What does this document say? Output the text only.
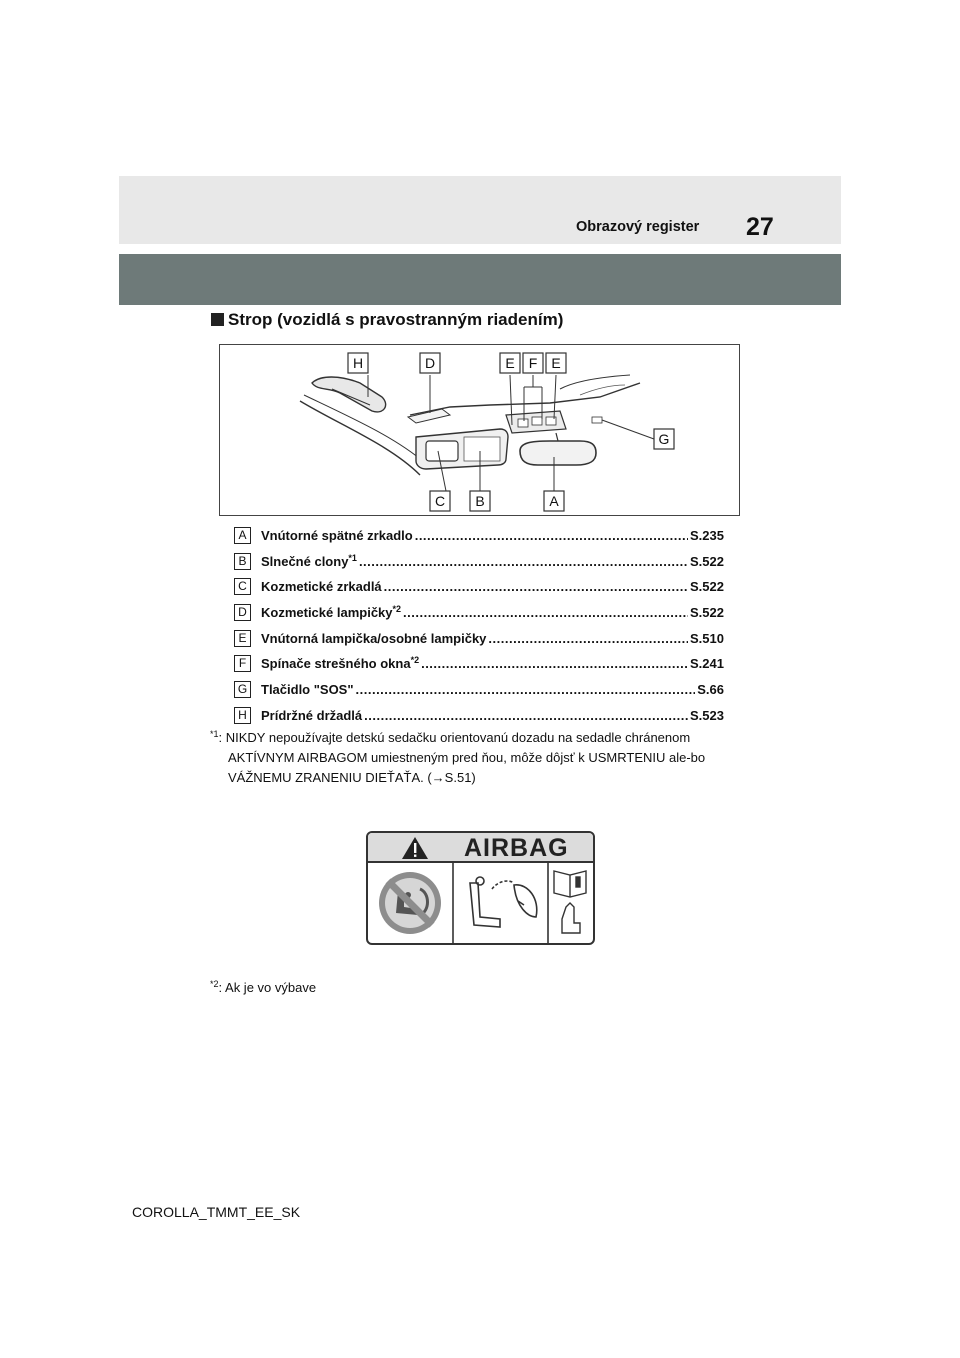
Obrazový register 27
Strop (vozidlá s pravostranným riadením)
H	D	E F E
G
C B	A
A	Vnútorné spätné zrkadlo .....	S.235
B	Slnečné clony$^{*1}$ .....	S.522
C	Kozmetické zrkadlá .....	S.522
D	Kozmetické lampičky$^{*2}$ .....	S.522
E	Vnútorná lampička/osobné lampičky .....	S.510
F	Spínače strešného okna$^{*2}$ .....	S.241
G Tlačidlo "SOS" .....	S.66
H	Prídržné držadlá .....	S.523
$^{*1}$: NIKDY nepoužívajte detskú sedačku orientovanú dozadu na sedadle chránenom AKTÍVNYM AIRBAGOM umiestneným pred ňou, môže dôjsť k USMRTENIU ale-bo VÁŽNEMU ZRANENIU DIEŤAŤA. (→S.51)
AIRBAG
$^{*2}$: Ak je vo výbave
COROLLA_TMMT_EE_SK
